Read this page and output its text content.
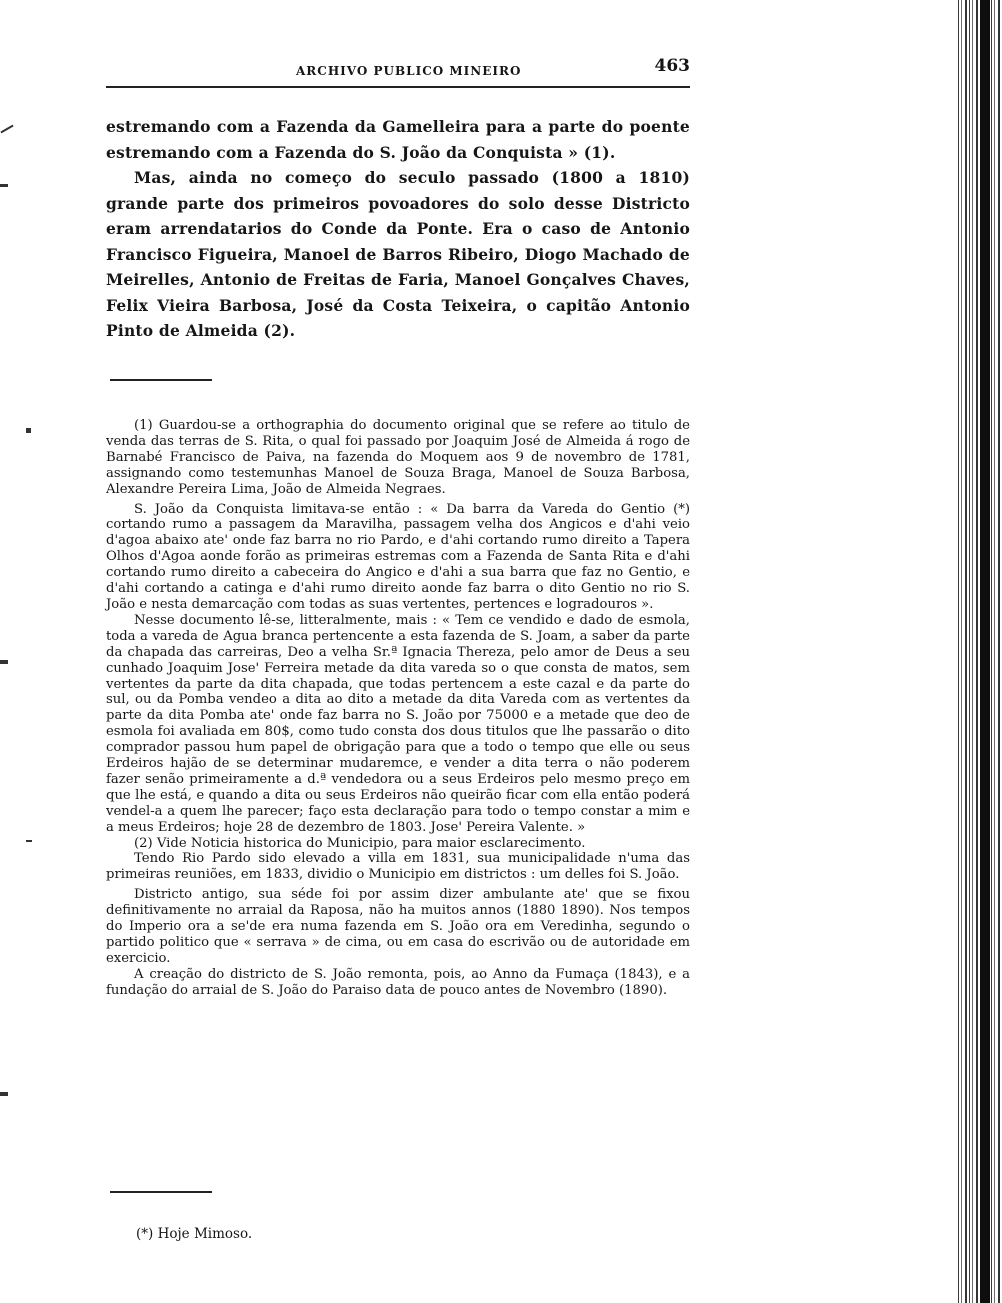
ARCHIVO PUBLICO MINEIRO	463

estremando com a Fazenda da Gamelleira para a parte do poente estremando com a Fazenda do S. João da Conquista » (1).

Mas, ainda no começo do seculo passado (1800 a 1810) grande parte dos primeiros povoadores do solo desse Districto eram arrendatarios do Conde da Ponte. Era o caso de Antonio Francisco Figueira, Manoel de Barros Ribeiro, Diogo Machado de Meirelles, Antonio de Freitas de Faria, Manoel Gonçalves Chaves, Felix Vieira Barbosa, José da Costa Teixeira, o capitão Antonio Pinto de Almeida (2).

(1) Guardou-se a orthographia do documento original que se refere ao titulo de venda das terras de S. Rita, o qual foi passado por Joaquim José de Almeida á rogo de Barnabé Francisco de Paiva, na fazenda do Moquem aos 9 de novembro de 1781, assignando como testemunhas Manoel de Souza Braga, Manoel de Souza Barbosa, Alexandre Pereira Lima, João de Almeida Negraes.

S. João da Conquista limitava-se então : « Da barra da Vareda do Gentio (*) cortando rumo a passagem da Maravilha, passagem velha dos Angicos e d'ahi veio d'agoa abaixo ate' onde faz barra no rio Pardo, e d'ahi cortando rumo direito a Tapera Olhos d'Agoa aonde forão as primeiras estremas com a Fazenda de Santa Rita e d'ahi cortando rumo direito a cabeceira do Angico e d'ahi a sua barra que faz no Gentio, e d'ahi cortando a catinga e d'ahi rumo direito aonde faz barra o dito Gentio no rio S. João e nesta demarcação com todas as suas vertentes, pertences e logradouros ».

Nesse documento lê-se, litteralmente, mais : « Tem ce vendido e dado de esmola, toda a vareda de Agua branca pertencente a esta fazenda de S. Joam, a saber da parte da chapada das carreiras, Deo a velha Sr.ª Ignacia Thereza, pelo amor de Deus a seu cunhado Joaquim Jose' Ferreira metade da dita vareda so o que consta de matos, sem vertentes da parte da dita chapada, que todas pertencem a este cazal e da parte do sul, ou da Pomba vendeo a dita ao dito a metade da dita Vareda com as vertentes da parte da dita Pomba ate' onde faz barra no S. João por 75000 e a metade que deo de esmola foi avaliada em 80$, como tudo consta dos dous titulos que lhe passarão o dito comprador passou hum papel de obrigação para que a todo o tempo que elle ou seus Erdeiros hajão de se determinar mudaremce, e vender a dita terra o não poderem fazer senão primeiramente a d.ª vendedora ou a seus Erdeiros pelo mesmo preço em que lhe está, e quando a dita ou seus Erdeiros não queirão ficar com ella então poderá vendel-a a quem lhe parecer; faço esta declaração para todo o tempo constar a mim e a meus Erdeiros; hoje 28 de dezembro de 1803. Jose' Pereira Valente. »

(2) Vide Noticia historica do Municipio, para maior esclarecimento.

Tendo Rio Pardo sido elevado a villa em 1831, sua municipalidade n'uma das primeiras reuniões, em 1833, dividio o Municipio em districtos : um delles foi S. João.

Districto antigo, sua séde foi por assim dizer ambulante ate' que se fixou definitivamente no arraial da Raposa, não ha muitos annos (1880 1890). Nos tempos do Imperio ora a se'de era numa fazenda em S. João ora em Veredinha, segundo o partido politico que « serrava » de cima, ou em casa do escrivão ou de autoridade em exercicio.

A creação do districto de S. João remonta, pois, ao Anno da Fumaça (1843), e a fundação do arraial de S. João do Paraiso data de pouco antes de Novembro (1890).

(*) Hoje Mimoso.
